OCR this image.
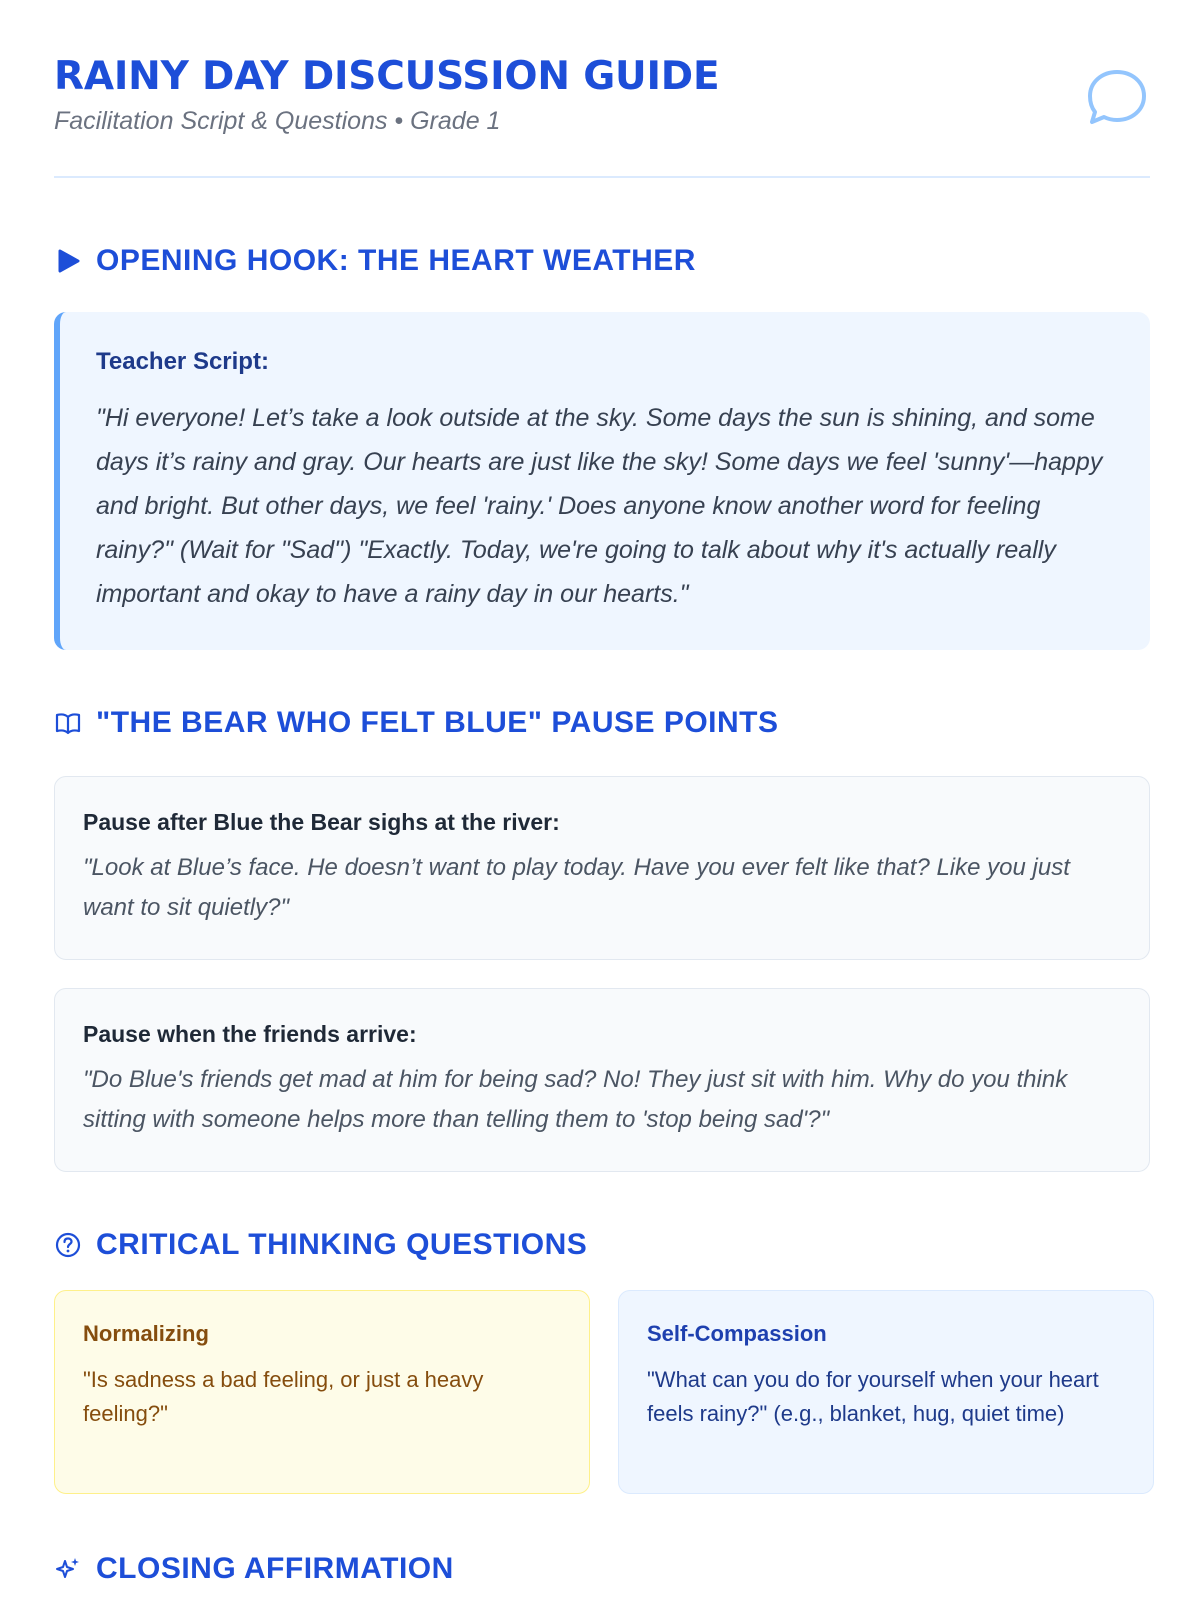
RAINY DAY DISCUSSION GUIDE
Facilitation Script & Questions • Grade 1
OPENING HOOK: THE HEART WEATHER
Teacher Script:
"Hi everyone! Let’s take a look outside at the sky. Some days the sun is shining, and some days it’s rainy and gray. Our hearts are just like the sky! Some days we feel 'sunny'—happy and bright. But other days, we feel 'rainy.' Does anyone know another word for feeling rainy?" (Wait for "Sad") "Exactly. Today, we're going to talk about why it's actually really important and okay to have a rainy day in our hearts."
"THE BEAR WHO FELT BLUE" PAUSE POINTS
Pause after Blue the Bear sighs at the river:
"Look at Blue’s face. He doesn’t want to play today. Have you ever felt like that? Like you just want to sit quietly?"
Pause when the friends arrive:
"Do Blue's friends get mad at him for being sad? No! They just sit with him. Why do you think sitting with someone helps more than telling them to 'stop being sad'?"
CRITICAL THINKING QUESTIONS
Normalizing
"Is sadness a bad feeling, or just a heavy feeling?"
Self-Compassion
"What can you do for yourself when your heart feels rainy?" (e.g., blanket, hug, quiet time)
CLOSING AFFIRMATION
